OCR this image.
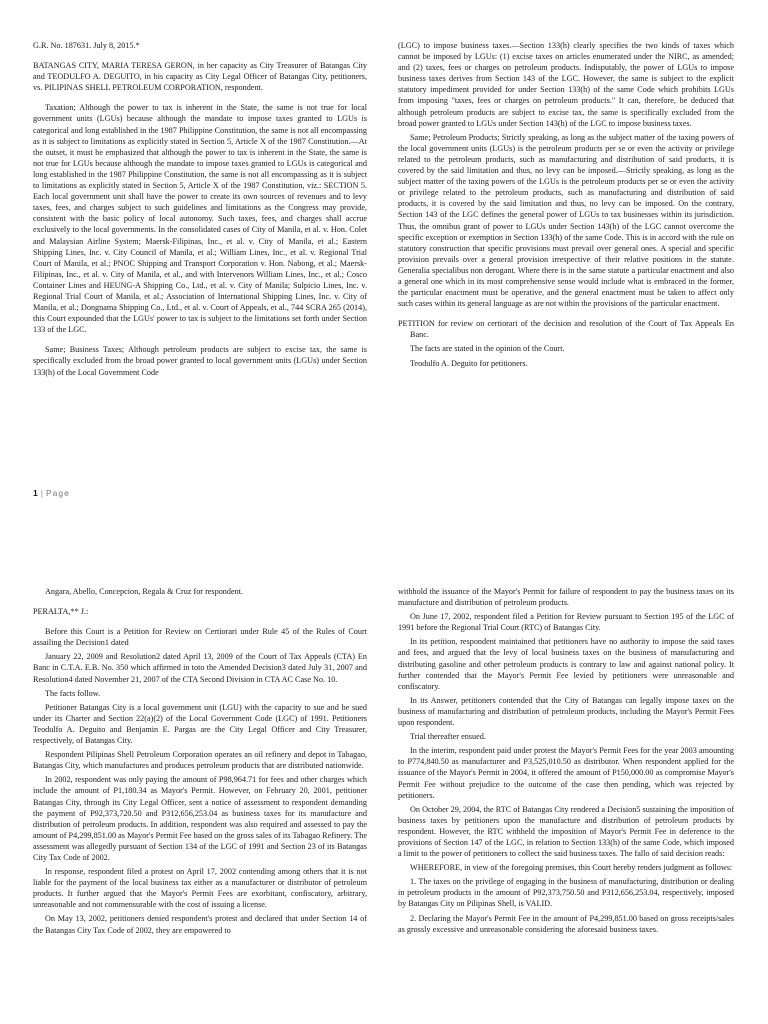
G.R. No. 187631. July 8, 2015.*

BATANGAS CITY, MARIA TERESA GERON, in her capacity as City Treasurer of Batangas City and TEODULFO A. DEGUITO, in his capacity as City Legal Officer of Batangas City, petitioners, vs. PILIPINAS SHELL PETROLEUM CORPORATION, respondent.

Taxation; Although the power to tax is inherent in the State, the same is not true for local government units (LGUs) because although the mandate to impose taxes granted to LGUs is categorical and long established in the 1987 Philippine Constitution, the same is not all encompassing as it is subject to limitations as explicitly stated in Section 5, Article X of the 1987 Constitution.—At the outset, it must be emphasized that although the power to tax is inherent in the State, the same is not true for LGUs because although the mandate to impose taxes granted to LGUs is categorical and long established in the 1987 Philippine Constitution, the same is not all encompassing as it is subject to limitations as explicitly stated in Section 5, Article X of the 1987 Constitution, viz.: SECTION 5. Each local government unit shall have the power to create its own sources of revenues and to levy taxes, fees, and charges subject to such guidelines and limitations as the Congress may provide, consistent with the basic policy of local autonomy. Such taxes, fees, and charges shall accrue exclusively to the local governments. In the consolidated cases of City of Manila, et al. v. Hon. Colet and Malaysian Airline System; Maersk-Filipinas, Inc., et al. v. City of Manila, et al.; Eastern Shipping Lines, Inc. v. City Council of Manila, et al.; William Lines, Inc., et al. v. Regional Trial Court of Manila, et al.; PNOC Shipping and Transport Corporation v. Hon. Nabong, et al.; Maersk-Filipinas, Inc., et al. v. City of Manila, et al., and with Intervenors William Lines, Inc., et al.; Cosco Container Lines and HEUNG-A Shipping Co., Ltd., et al. v. City of Manila; Sulpicio Lines, Inc. v. Regional Trial Court of Manila, et al.; Association of International Shipping Lines, Inc. v. City of Manila, et al.; Dongnama Shipping Co., Ltd., et al. v. Court of Appeals, et al., 744 SCRA 265 (2014), this Court expounded that the LGUs' power to tax is subject to the limitations set forth under Section 133 of the LGC.

Same; Business Taxes; Although petroleum products are subject to excise tax, the same is specifically excluded from the broad power granted to local government units (LGUs) under Section 133(h) of the Local Government Code

(LGC) to impose business taxes.—Section 133(h) clearly specifies the two kinds of taxes which cannot be imposed by LGUs: (1) excise taxes on articles enumerated under the NIRC, as amended; and (2) taxes, fees or charges on petroleum products. Indisputably, the power of LGUs to impose business taxes derives from Section 143 of the LGC. However, the same is subject to the explicit statutory impediment provided for under Section 133(h) of the same Code which prohibits LGUs from imposing "taxes, fees or charges on petroleum products." It can, therefore, be deduced that although petroleum products are subject to excise tax, the same is specifically excluded from the broad power granted to LGUs under Section 143(h) of the LGC to impose business taxes.

Same; Petroleum Products; Strictly speaking, as long as the subject matter of the taxing powers of the local government units (LGUs) is the petroleum products per se or even the activity or privilege related to the petroleum products, such as manufacturing and distribution of said products, it is covered by the said limitation and thus, no levy can be imposed.—Strictly speaking, as long as the subject matter of the taxing powers of the LGUs is the petroleum products per se or even the activity or privilege related to the petroleum products, such as manufacturing and distribution of said products, it is covered by the said limitation and thus, no levy can be imposed. On the contrary, Section 143 of the LGC defines the general power of LGUs to tax businesses within its jurisdiction. Thus, the omnibus grant of power to LGUs under Section 143(h) of the LGC cannot overcome the specific exception or exemption in Section 133(h) of the same Code. This is in accord with the rule on statutory construction that specific provisions must prevail over general ones. A special and specific provision prevails over a general provision irrespective of their relative positions in the statute. Generalia specialibus non derogant. Where there is in the same statute a particular enactment and also a general one which in its most comprehensive sense would include what is embraced in the former, the particular enactment must be operative, and the general enactment must be taken to affect only such cases within its general language as are not within the provisions of the particular enactment.

PETITION for review on certiorari of the decision and resolution of the Court of Tax Appeals En Banc.

The facts are stated in the opinion of the Court.

Teodulfo A. Deguito for petitioners.

1 | Page

Angara, Abello, Concepcion, Regala & Cruz for respondent.

PERALTA,** J.:

Before this Court is a Petition for Review on Certiorari under Rule 45 of the Rules of Court assailing the Decision1 dated

January 22, 2009 and Resolution2 dated April 13, 2009 of the Court of Tax Appeals (CTA) En Banc in C.T.A. E.B. No. 350 which affirmed in toto the Amended Decision3 dated July 31, 2007 and Resolution4 dated November 21, 2007 of the CTA Second Division in CTA AC Case No. 10.

The facts follow.

Petitioner Batangas City is a local government unit (LGU) with the capacity to sue and be sued under its Charter and Section 22(a)(2) of the Local Government Code (LGC) of 1991. Petitioners Teodulfo A. Deguito and Benjamin E. Pargas are the City Legal Officer and City Treasurer, respectively, of Batangas City.

Respondent Pilipinas Shell Petroleum Corporation operates an oil refinery and depot in Tabagao, Batangas City, which manufactures and produces petroleum products that are distributed nationwide.

In 2002, respondent was only paying the amount of P98,964.71 for fees and other charges which include the amount of P1,180.34 as Mayor's Permit. However, on February 20, 2001, petitioner Batangas City, through its City Legal Officer, sent a notice of assessment to respondent demanding the payment of P92,373,720.50 and P312,656,253.04 as business taxes for its manufacture and distribution of petroleum products. In addition, respondent was also required and assessed to pay the amount of P4,299,851.00 as Mayor's Permit Fee based on the gross sales of its Tabagao Refinery. The assessment was allegedly pursuant of Section 134 of the LGC of 1991 and Section 23 of its Batangas City Tax Code of 2002.

In response, respondent filed a protest on April 17, 2002 contending among others that it is not liable for the payment of the local business tax either as a manufacturer or distributor of petroleum products. It further argued that the Mayor's Permit Fees are exorbitant, confiscatory, arbitrary, unreasonable and not commensurable with the cost of issuing a license.

On May 13, 2002, petitioners denied respondent's protest and declared that under Section 14 of the Batangas City Tax Code of 2002, they are empowered to

withhold the issuance of the Mayor's Permit for failure of respondent to pay the business taxes on its manufacture and distribution of petroleum products.

On June 17, 2002, respondent filed a Petition for Review pursuant to Section 195 of the LGC of 1991 before the Regional Trial Court (RTC) of Batangas City.

In its petition, respondent maintained that petitioners have no authority to impose the said taxes and fees, and argued that the levy of local business taxes on the business of manufacturing and distributing gasoline and other petroleum products is contrary to law and against national policy. It further contended that the Mayor's Permit Fee levied by petitioners were unreasonable and confiscatory.

In its Answer, petitioners contended that the City of Batangas can legally impose taxes on the business of manufacturing and distribution of petroleum products, including the Mayor's Permit Fees upon respondent.

Trial thereafter ensued.

In the interim, respondent paid under protest the Mayor's Permit Fees for the year 2003 amounting to P774,840.50 as manufacturer and P3,525,010.50 as distributor. When respondent applied for the issuance of the Mayor's Permit in 2004, it offered the amount of P150,000.00 as compromise Mayor's Permit Fee without prejudice to the outcome of the case then pending, which was rejected by petitioners.

On October 29, 2004, the RTC of Batangas City rendered a Decision5 sustaining the imposition of business taxes by petitioners upon the manufacture and distribution of petroleum products by respondent. However, the RTC withheld the imposition of Mayor's Permit Fee in deference to the provisions of Section 147 of the LGC, in relation to Section 133(h) of the same Code, which imposed a limit to the power of petitioners to collect the said business taxes. The fallo of said decision reads:

WHEREFORE, in view of the foregoing premises, this Court hereby renders judgment as follows:

1. The taxes on the privilege of engaging in the business of manufacturing, distribution or dealing in petroleum products in the amount of P92,373,750.50 and P312,656,253.04, respectively, imposed by Batangas City on Pilipinas Shell, is VALID.

2. Declaring the Mayor's Permit Fee in the amount of P4,299,851.00 based on gross receipts/sales as grossly excessive and unreasonable considering the aforesaid business taxes.
